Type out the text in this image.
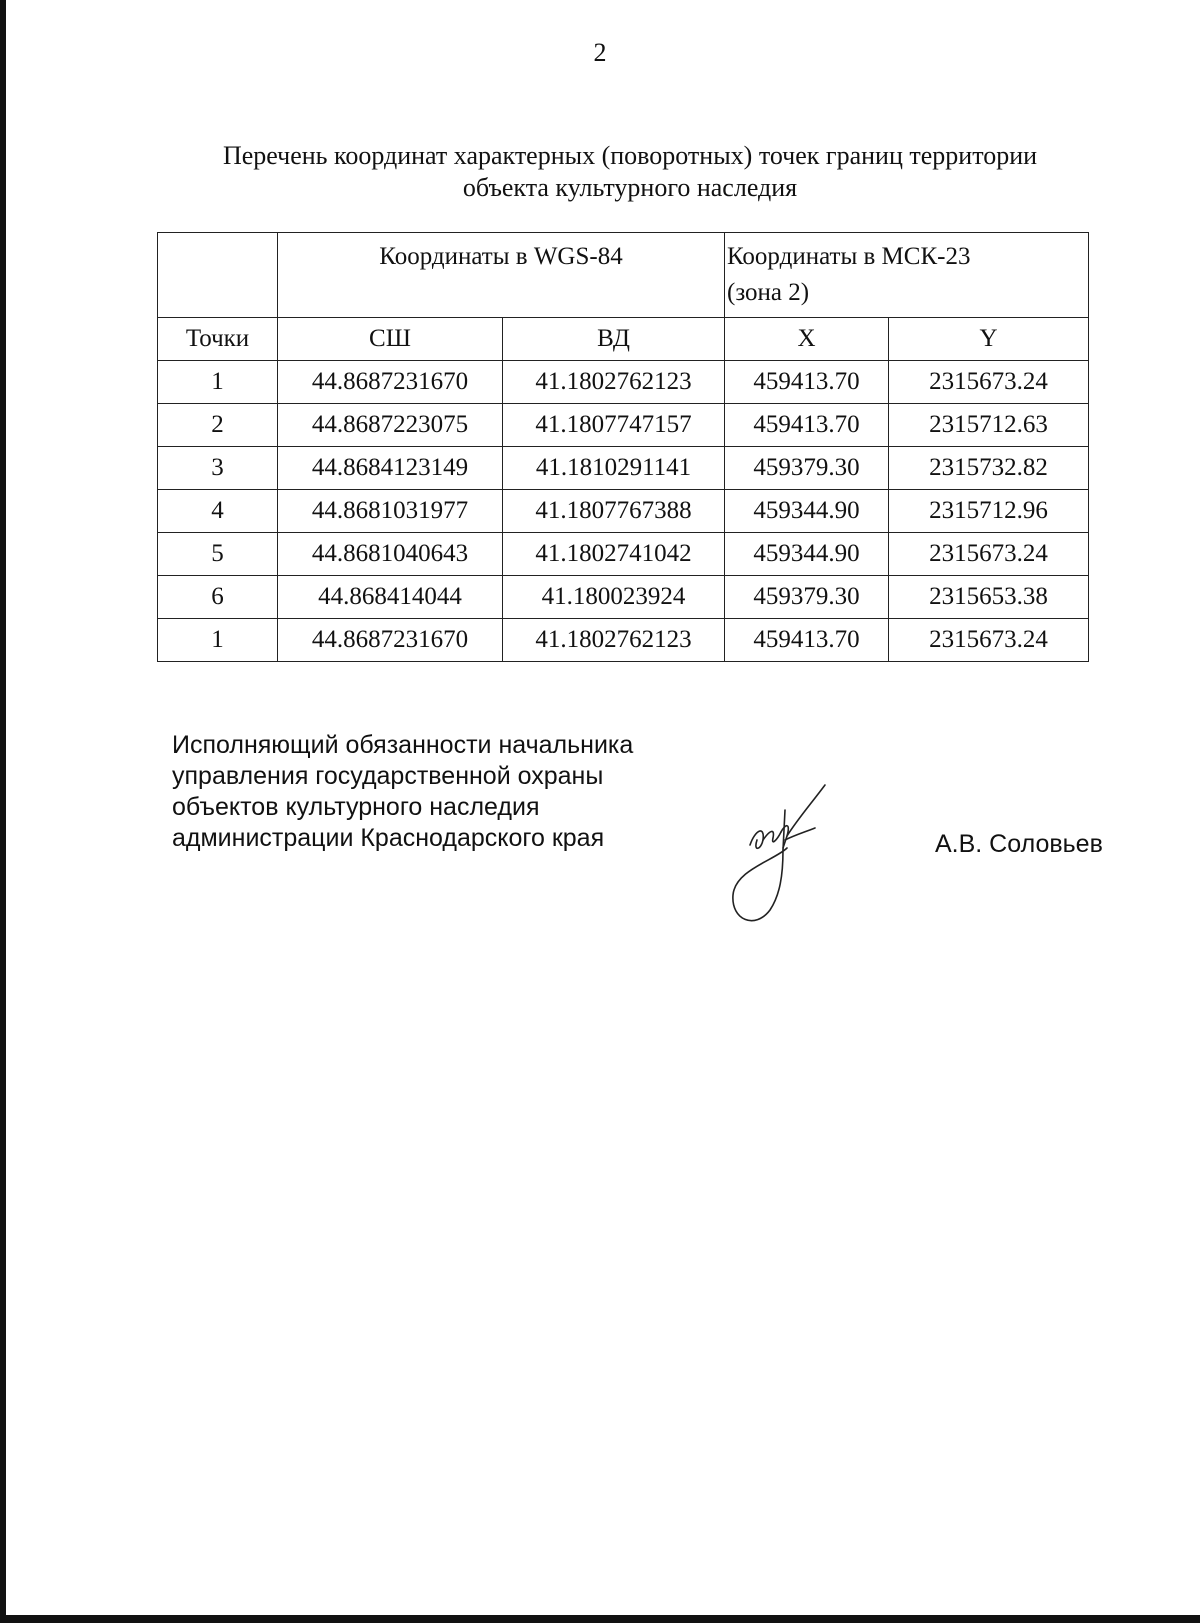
2
Перечень координат характерных (поворотных) точек границ территории
объекта культурного наследия
	Координаты в WGS-84		Координаты в МСК-23
(зона 2)	

Точки	СШ	ВД	X	Y
1	44.8687231670	41.1802762123	459413.70	2315673.24
2	44.8687223075	41.1807747157	459413.70	2315712.63
3	44.8684123149	41.1810291141	459379.30	2315732.82
4	44.8681031977	41.1807767388	459344.90	2315712.96
5	44.8681040643	41.1802741042	459344.90	2315673.24
6	44.868414044	41.180023924	459379.30	2315653.38
1	44.8687231670	41.1802762123	459413.70	2315673.24
Исполняющий обязанности начальника
управления государственной охраны
объектов культурного наследия
администрации Краснодарского края	А.В. Соловьев
